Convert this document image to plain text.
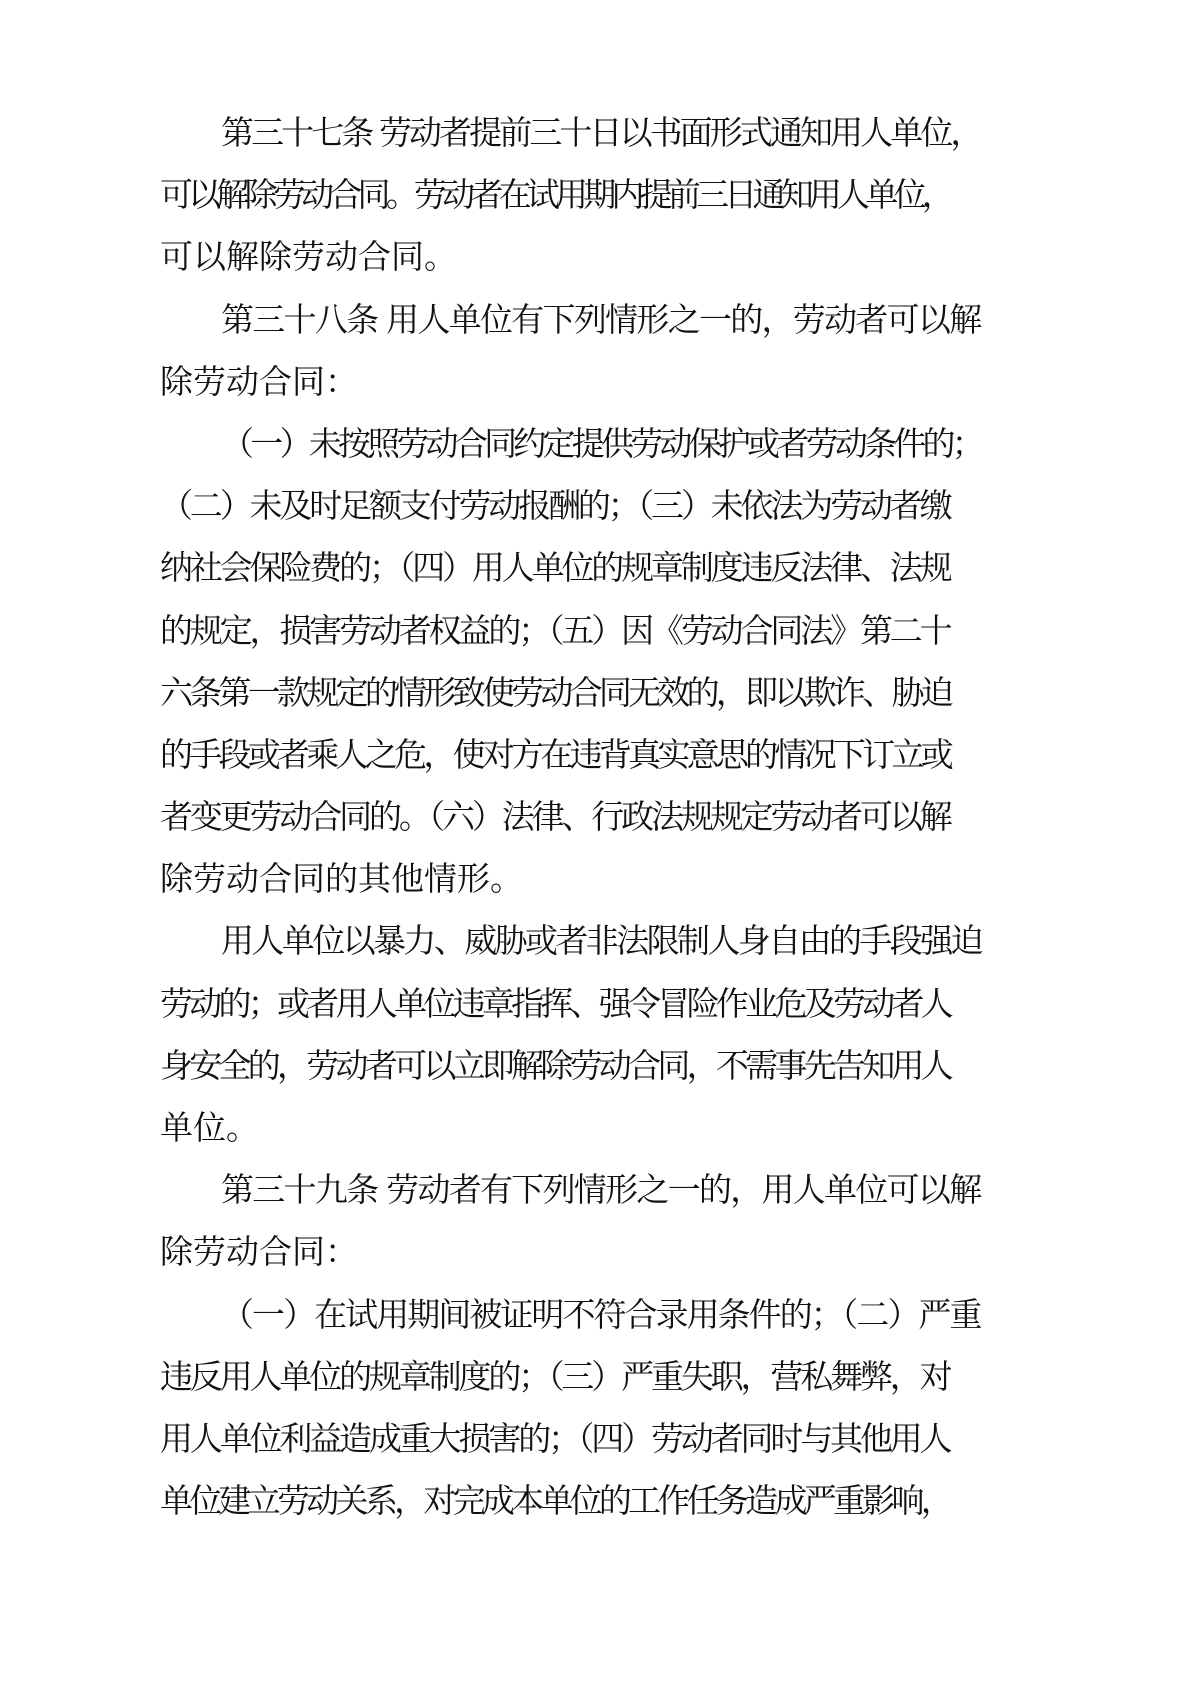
第三十七条 劳动者提前三十日以书面形式通知用人单位，

可以解除劳动合同。劳动者在试用期内提前三日通知用人单位，

可以解除劳动合同。

第三十八条 用人单位有下列情形之一的，劳动者可以解

除劳动合同：

（一）未按照劳动合同约定提供劳动保护或者劳动条件的；

（二）未及时足额支付劳动报酬的；（三）未依法为劳动者缴

纳社会保险费的；（四）用人单位的规章制度违反法律、法规

的规定，损害劳动者权益的；（五）因《劳动合同法》第二十

六条第一款规定的情形致使劳动合同无效的，即以欺诈、胁迫

的手段或者乘人之危，使对方在违背真实意思的情况下订立或

者变更劳动合同的。（六）法律、行政法规规定劳动者可以解

除劳动合同的其他情形。

用人单位以暴力、威胁或者非法限制人身自由的手段强迫

劳动的；或者用人单位违章指挥、强令冒险作业危及劳动者人

身安全的，劳动者可以立即解除劳动合同，不需事先告知用人

单位。

第三十九条 劳动者有下列情形之一的，用人单位可以解

除劳动合同：

（一）在试用期间被证明不符合录用条件的；（二）严重

违反用人单位的规章制度的；（三）严重失职，营私舞弊，对

用人单位利益造成重大损害的；（四）劳动者同时与其他用人

单位建立劳动关系，对完成本单位的工作任务造成严重影响，
